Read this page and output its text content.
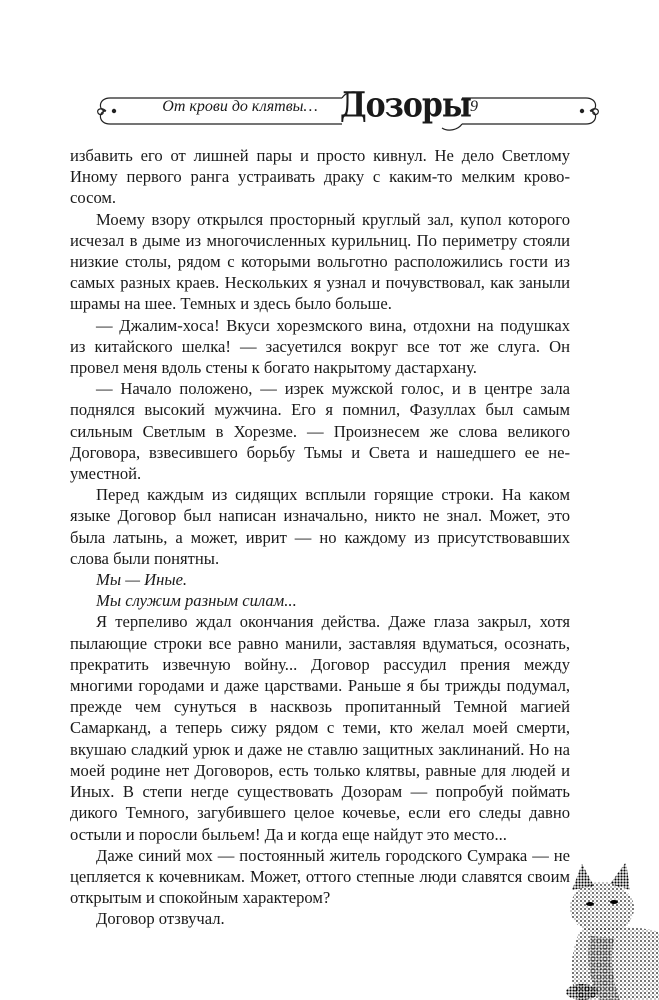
От крови до клятвы… Дозоры 9

избавить его от лишней пары и просто кивнул. Не дело Светлому Иному первого ранга устраивать драку с каким-то мелким кровососом.

Моему взору открылся просторный круглый зал, купол которого исчезал в дыме из многочисленных курильниц. По периметру стояли низкие столы, рядом с которыми вольготно расположились гости из самых разных краев. Нескольких я узнал и почувствовал, как заныли шрамы на шее. Темных и здесь было больше.

— Джалим-хоса! Вкуси хорезмского вина, отдохни на подушках из китайского шелка! — засуетился вокруг все тот же слуга. Он провел меня вдоль стены к богато накрытому дастархану.

— Начало положено, — изрек мужской голос, и в центре зала поднялся высокий мужчина. Его я помнил, Фазуллах был самым сильным Светлым в Хорезме. — Произнесем же слова великого Договора, взвесившего борьбу Тьмы и Света и нашедшего ее неуместной.

Перед каждым из сидящих всплыли горящие строки. На каком языке Договор был написан изначально, никто не знал. Может, это была латынь, а может, иврит — но каждому из присутствовавших слова были понятны.

Мы — Иные.

Мы служим разным силам...

Я терпеливо ждал окончания действа. Даже глаза закрыл, хотя пылающие строки все равно манили, заставляя вдуматься, осознать, прекратить извечную войну... Договор рассудил прения между многими городами и даже царствами. Раньше я бы трижды подумал, прежде чем сунуться в насквозь пропитанный Темной магией Самарканд, а теперь сижу рядом с теми, кто желал моей смерти, вкушаю сладкий урюк и даже не ставлю защитных заклинаний. Но на моей родине нет Договоров, есть только клятвы, равные для людей и Иных. В степи негде существовать Дозорам — попробуй поймать дикого Темного, загубившего целое кочевье, если его следы давно остыли и поросли быльем! Да и когда еще найдут это место...

Даже синий мох — постоянный житель городского Сумрака — не цепляется к кочевникам. Может, оттого степные люди славятся своим открытым и спокойным характером?

Договор отзвучал.
